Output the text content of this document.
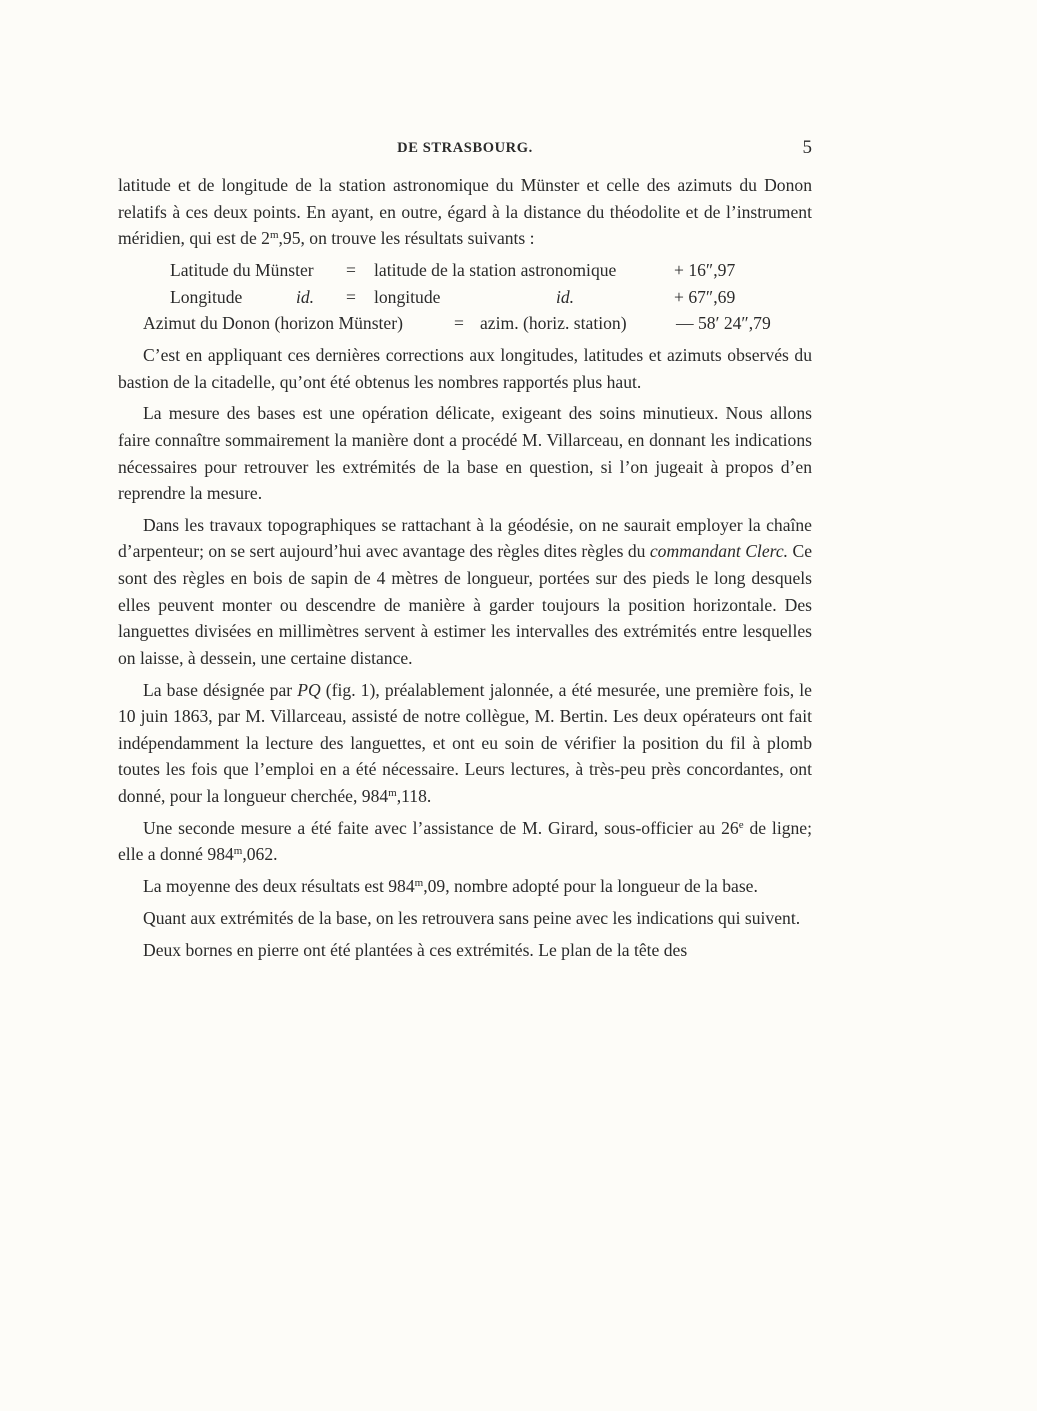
DE STRASBOURG.	5

latitude et de longitude de la station astronomique du Münster et celle des azimuts du Donon relatifs à ces deux points. En ayant, en outre, égard à la distance du théodolite et de l’instrument méridien, qui est de 2$^m$,95, on trouve les résultats suivants :

Latitude du Münster = latitude de la station astronomique	+ 16″,97
Longitude	id. = longitude	id.	+ 67″,69
Azimut du Donon (horizon Münster)	= azim. (horiz. station)	— 58′ 24″,79

C’est en appliquant ces dernières corrections aux longitudes, latitudes et azimuts observés du bastion de la citadelle, qu’ont été obtenus les nombres rapportés plus haut.

La mesure des bases est une opération délicate, exigeant des soins minutieux. Nous allons faire connaître sommairement la manière dont a procédé M. Villarceau, en donnant les indications nécessaires pour retrouver les extrémités de la base en question, si l’on jugeait à propos d’en reprendre la mesure.

Dans les travaux topographiques se rattachant à la géodésie, on ne saurait employer la chaîne d’arpenteur; on se sert aujourd’hui avec avantage des règles dites règles du commandant Clerc. Ce sont des règles en bois de sapin de 4 mètres de longueur, portées sur des pieds le long desquels elles peuvent monter ou descendre de manière à garder toujours la position horizontale. Des languettes divisées en millimètres servent à estimer les intervalles des extrémités entre lesquelles on laisse, à dessein, une certaine distance.

La base désignée par PQ (fig. 1), préalablement jalonnée, a été mesurée, une première fois, le 10 juin 1863, par M. Villarceau, assisté de notre collègue, M. Bertin. Les deux opérateurs ont fait indépendamment la lecture des languettes, et ont eu soin de vérifier la position du fil à plomb toutes les fois que l’emploi en a été nécessaire. Leurs lectures, à très-peu près concordantes, ont donné, pour la longueur cherchée, 984$^m$,118.

Une seconde mesure a été faite avec l’assistance de M. Girard, sous-officier au 26e de ligne; elle a donné 984$^m$,062.

La moyenne des deux résultats est 984$^m$,09, nombre adopté pour la longueur de la base.

Quant aux extrémités de la base, on les retrouvera sans peine avec les indications qui suivent.

Deux bornes en pierre ont été plantées à ces extrémités. Le plan de la tête des
